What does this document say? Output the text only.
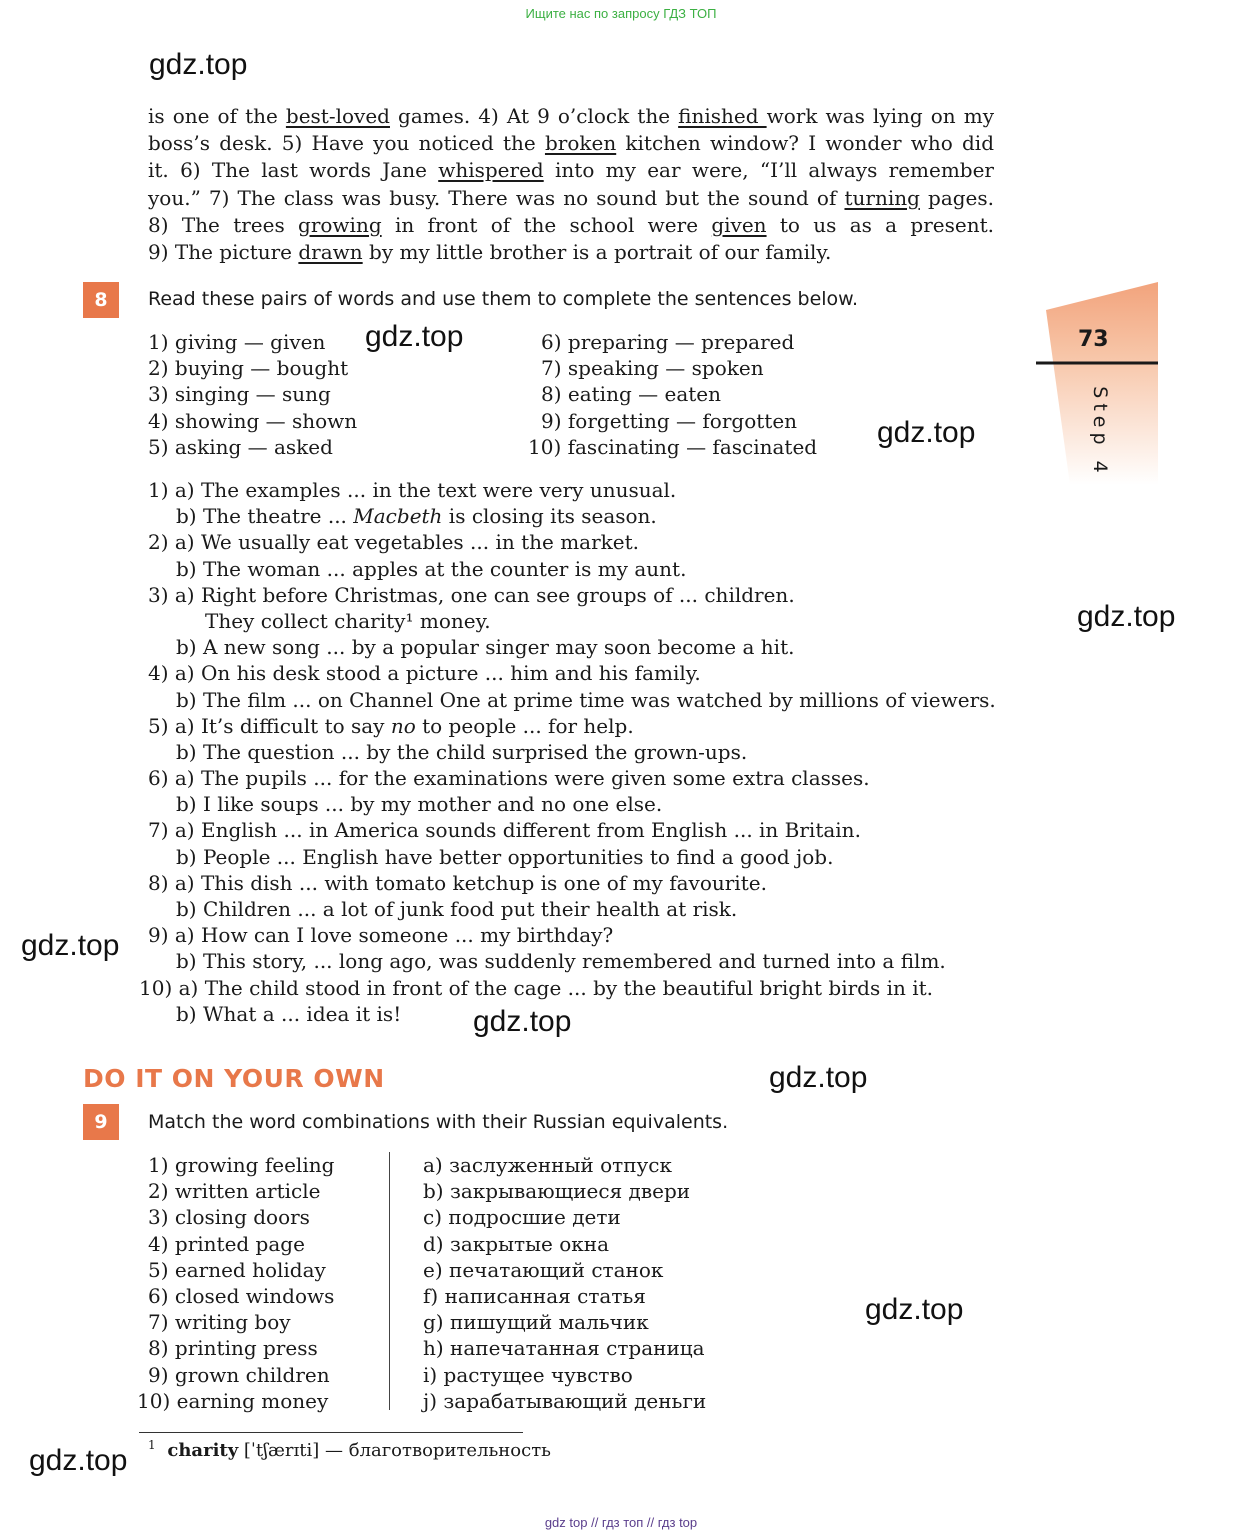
Ищите нас по запросу ГДЗ ТОП
gdz.top
gdz.top
gdz.top
gdz.top
gdz.top
gdz.top
gdz.top
gdz.top
gdz.top
is one of the best-loved games. 4) At 9 o’clock the finished work was lying on my
boss’s desk. 5) Have you noticed the broken kitchen window? I wonder who did
it. 6) The last words Jane whispered into my ear were, “I’ll always remember
you.” 7) The class was busy. There was no sound but the sound of turning pages.
8) The trees growing in front of the school were given to us as a present.
9) The picture drawn by my little brother is a portrait of our family.
73
Step 4
8	Read these pairs of words and use them to complete the sentences below.
1) giving — given
2) buying — bought
3) singing — sung
4) showing — shown
5) asking — asked
6) preparing — prepared
7) speaking — spoken
8) eating — eaten
9) forgetting — forgotten
10) fascinating — fascinated
1) a) The examples ... in the text were very unusual.
b) The theatre ... Macbeth is closing its season.
2) a) We usually eat vegetables ... in the market.
b) The woman ... apples at the counter is my aunt.
3) a) Right before Christmas, one can see groups of ... children.
They collect charity¹ money.
b) A new song ... by a popular singer may soon become a hit.
4) a) On his desk stood a picture ... him and his family.
b) The film ... on Channel One at prime time was watched by millions of viewers.
5) a) It’s difficult to say no to people ... for help.
b) The question ... by the child surprised the grown-ups.
6) a) The pupils ... for the examinations were given some extra classes.
b) I like soups ... by my mother and no one else.
7) a) English ... in America sounds different from English ... in Britain.
b) People ... English have better opportunities to find a good job.
8) a) This dish ... with tomato ketchup is one of my favourite.
b) Children ... a lot of junk food put their health at risk.
9) a) How can I love someone ... my birthday?
b) This story, ... long ago, was suddenly remembered and turned into a film.
10) a) The child stood in front of the cage ... by the beautiful bright birds in it.
b) What a ... idea it is!
DO IT ON YOUR OWN
9	Match the word combinations with their Russian equivalents.
1) growing feeling
2) written article
3) closing doors
4) printed page
5) earned holiday
6) closed windows
7) writing boy
8) printing press
9) grown children
10) earning money
a) заслуженный отпуск
b) закрывающиеся двери
c) подросшие дети
d) закрытые окна
e) печатающий станок
f) написанная статья
g) пишущий мальчик
h) напечатанная страница
i) растущее чувство
j) зарабатывающий деньги
$^1$ charity [ˈtʃærɪti] — благотворительность
gdz top // гдз топ // гдз top
